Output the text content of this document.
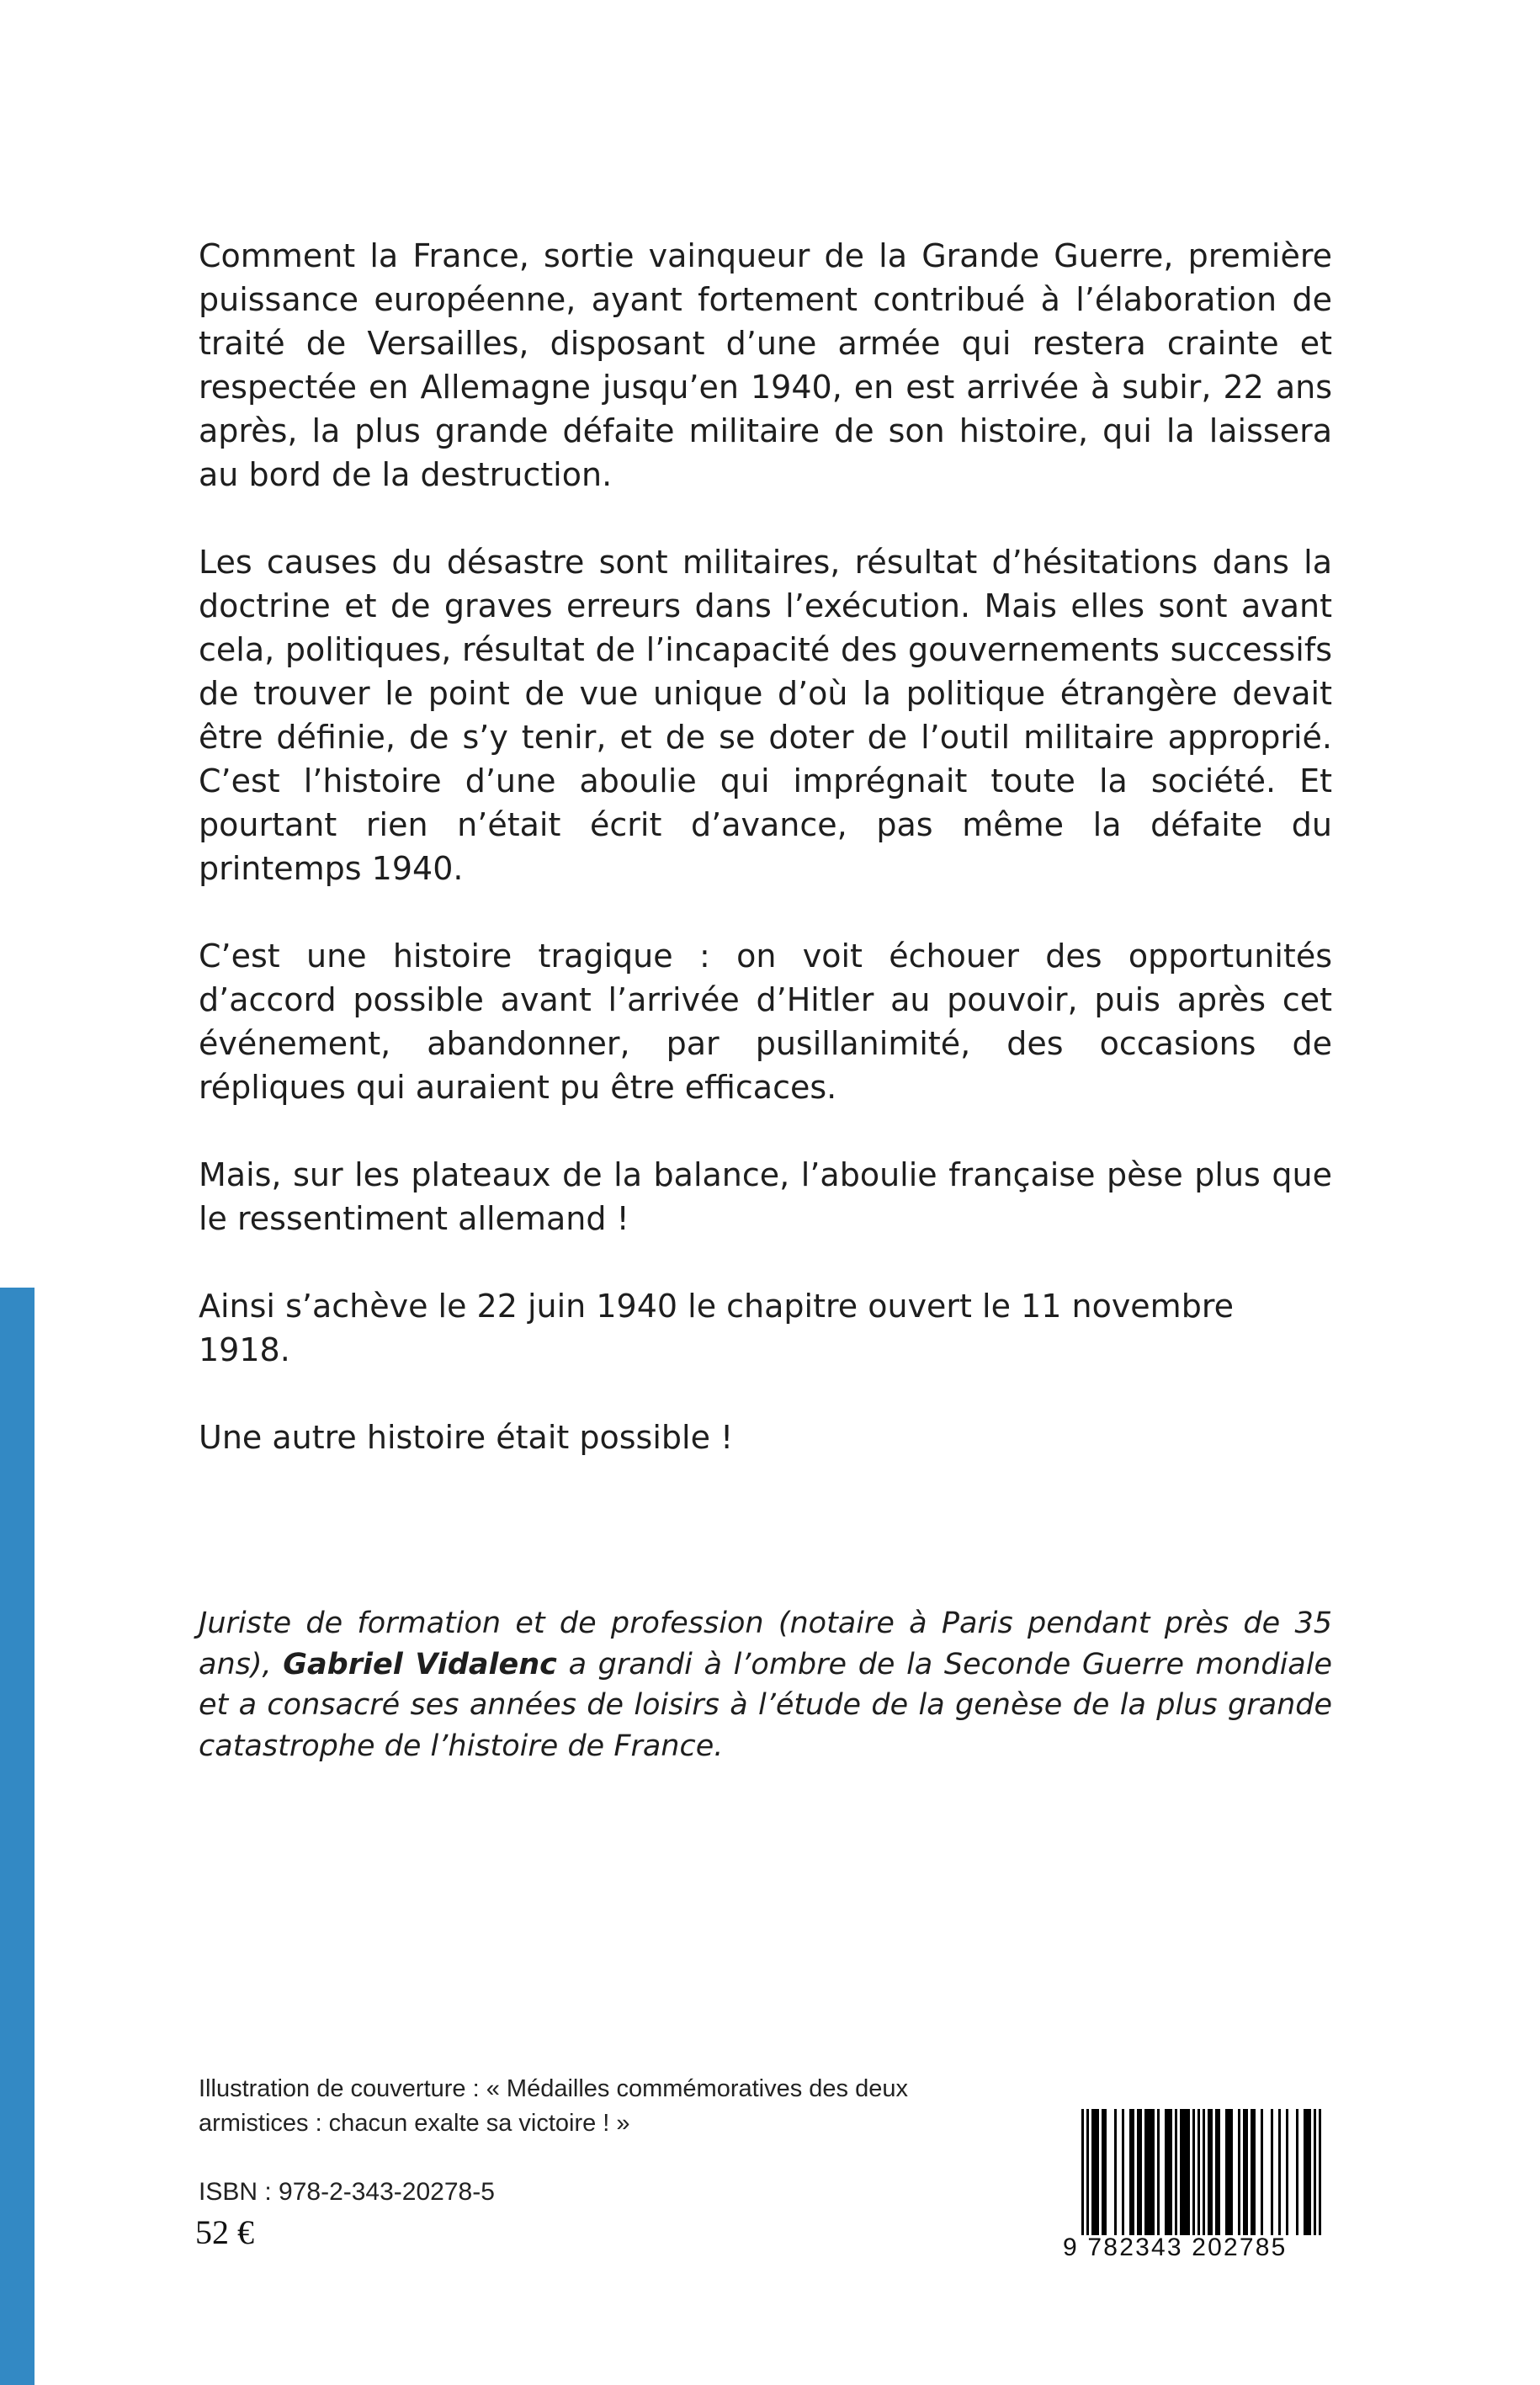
Comment la France, sortie vainqueur de la Grande Guerre, première puissance européenne, ayant fortement contribué à l’élaboration de traité de Versailles, disposant d’une armée qui restera crainte et respectée en Allemagne jusqu’en 1940, en est arrivée à subir, 22 ans après, la plus grande défaite militaire de son histoire, qui la laissera au bord de la destruction.

Les causes du désastre sont militaires, résultat d’hésitations dans la doctrine et de graves erreurs dans l’exécution. Mais elles sont avant cela, politiques, résultat de l’incapacité des gouvernements successifs de trouver le point de vue unique d’où la politique étrangère devait être définie, de s’y tenir, et de se doter de l’outil militaire approprié. C’est l’histoire d’une aboulie qui imprégnait toute la société. Et pourtant rien n’était écrit d’avance, pas même la défaite du printemps 1940.

C’est une histoire tragique : on voit échouer des opportunités d’accord possible avant l’arrivée d’Hitler au pouvoir, puis après cet événement, abandonner, par pusillanimité, des occasions de répliques qui auraient pu être efficaces.

Mais, sur les plateaux de la balance, l’aboulie française pèse plus que le ressentiment allemand !

Ainsi s’achève le 22 juin 1940 le chapitre ouvert le 11 novembre 1918.

Une autre histoire était possible !

Juriste de formation et de profession (notaire à Paris pendant près de 35 ans), Gabriel Vidalenc a grandi à l’ombre de la Seconde Guerre mondiale et a consacré ses années de loisirs à l’étude de la genèse de la plus grande catastrophe de l’histoire de France.

Illustration de couverture : « Médailles commémoratives des deux

armistices : chacun exalte sa victoire ! »

ISBN : 978-2-343-20278-5
52 €	9 782343 202785
